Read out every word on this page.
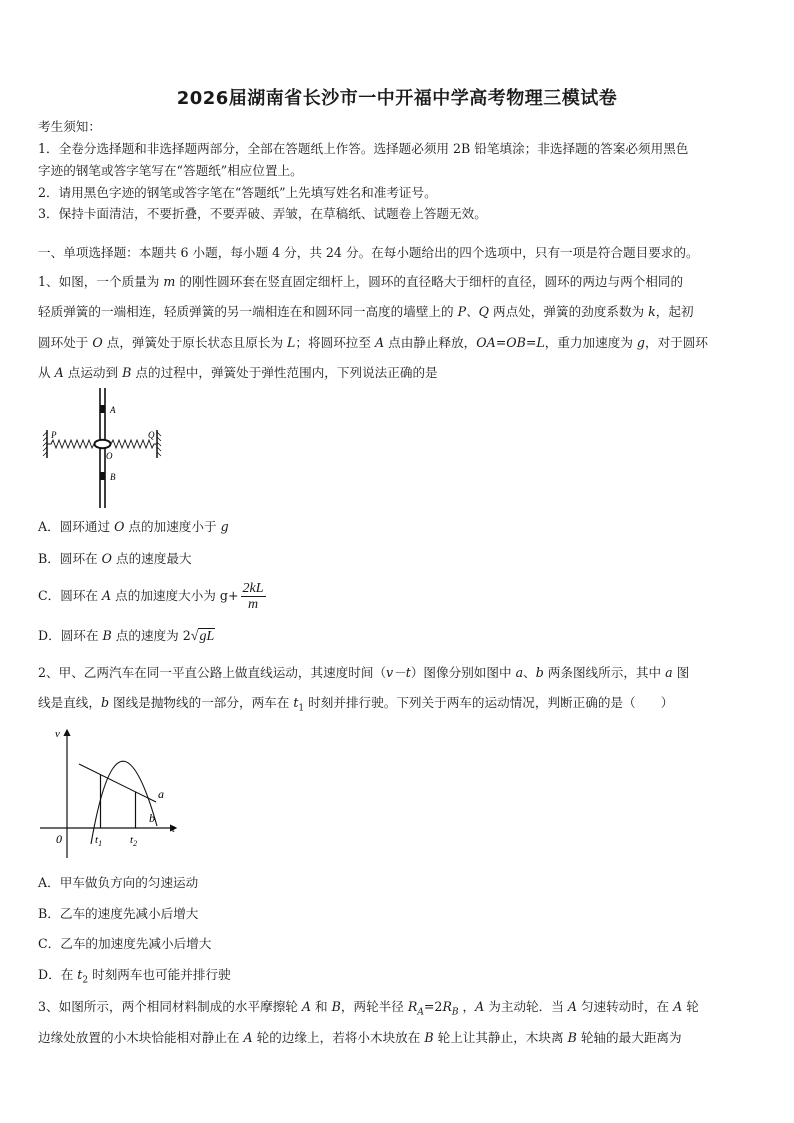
2026届湖南省长沙市一中开福中学高考物理三模试卷
考生须知：
1．全卷分选择题和非选择题两部分，全部在答题纸上作答。选择题必须用 2B 铅笔填涂；非选择题的答案必须用黑色
字迹的钢笔或答字笔写在“答题纸”相应位置上。
2．请用黑色字迹的钢笔或答字笔在“答题纸”上先填写姓名和准考证号。
3．保持卡面清洁，不要折叠，不要弄破、弄皱，在草稿纸、试题卷上答题无效。
一、单项选择题：本题共 6 小题，每小题 4 分，共 24 分。在每小题给出的四个选项中，只有一项是符合题目要求的。
1、如图，一个质量为 m 的刚性圆环套在竖直固定细杆上，圆环的直径略大于细杆的直径，圆环的两边与两个相同的
轻质弹簧的一端相连，轻质弹簧的另一端相连在和圆环同一高度的墙壁上的 P、Q 两点处，弹簧的劲度系数为 k，起初
圆环处于 O 点，弹簧处于原长状态且原长为 L；将圆环拉至 A 点由静止释放，OA=OB=L，重力加速度为 g，对于圆环
从 A 点运动到 B 点的过程中，弹簧处于弹性范围内，下列说法正确的是
A
B
O
P	Q
A．圆环通过 O 点的加速度小于 g
B．圆环在 O 点的速度最大
C．圆环在 A 点的加速度大小为 $g+ \frac{2kL}{m}$
D．圆环在 B 点的速度为 2√gL
2、甲、乙两汽车在同一平直公路上做直线运动，其速度时间（v－t）图像分别如图中 a、b 两条图线所示，其中 a 图
线是直线，b 图线是抛物线的一部分，两车在 $t_1$ 时刻并排行驶。下列关于两车的运动情况，判断正确的是（　　）
v
t
0	$t_1$	$t_2$
a
b
A．甲车做负方向的匀速运动
B．乙车的速度先减小后增大
C．乙车的加速度先减小后增大
D．在 $t_2$ 时刻两车也可能并排行驶
3、如图所示，两个相同材料制成的水平摩擦轮 A 和 B，两轮半径 $R_A=2R_B$ ，A 为主动轮．当 A 匀速转动时，在 A 轮
边缘处放置的小木块恰能相对静止在 A 轮的边缘上，若将小木块放在 B 轮上让其静止，木块离 B 轮轴的最大距离为
